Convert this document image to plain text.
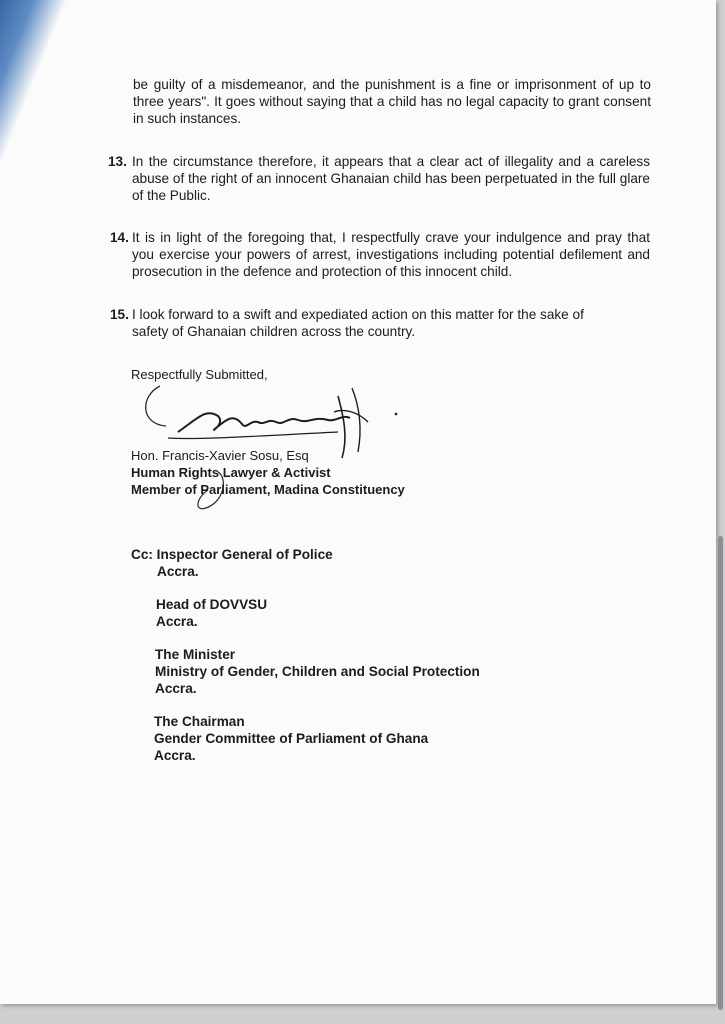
be guilty of a misdemeanor, and the punishment is a fine or imprisonment of up to three years". It goes without saying that a child has no legal capacity to grant consent in such instances.
13. In the circumstance therefore, it appears that a clear act of illegality and a careless abuse of the right of an innocent Ghanaian child has been perpetuated in the full glare of the Public.
14. It is in light of the foregoing that, I respectfully crave your indulgence and pray that you exercise your powers of arrest, investigations including potential defilement and prosecution in the defence and protection of this innocent child.
15. I look forward to a swift and expediated action on this matter for the sake of safety of Ghanaian children across the country.
Respectfully Submitted,
Hon. Francis-Xavier Sosu, Esq
Human Rights Lawyer & Activist
Member of Parliament, Madina Constituency
Cc: Inspector General of Police
Accra.
Head of DOVVSU
Accra.
The Minister
Ministry of Gender, Children and Social Protection
Accra.
The Chairman
Gender Committee of Parliament of Ghana
Accra.
